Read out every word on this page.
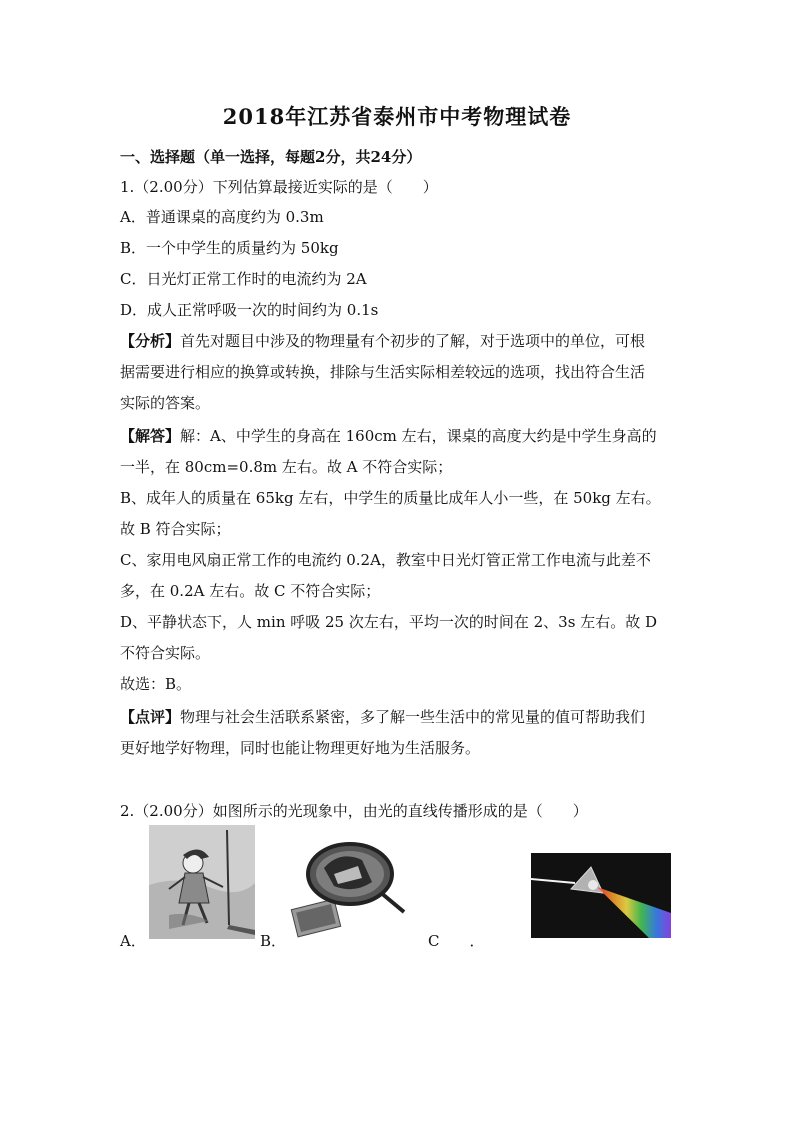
2018年江苏省泰州市中考物理试卷
一、选择题（单一选择，每题2分，共24分）
1.（2.00分）下列估算最接近实际的是（　　）
A．普通课桌的高度约为 0.3m
B．一个中学生的质量约为 50kg
C．日光灯正常工作时的电流约为 2A
D．成人正常呼吸一次的时间约为 0.1s
【分析】首先对题目中涉及的物理量有个初步的了解，对于选项中的单位，可根
据需要进行相应的换算或转换，排除与生活实际相差较远的选项，找出符合生活
实际的答案。
【解答】解：A、中学生的身高在 160cm 左右，课桌的高度大约是中学生身高的
一半，在 80cm=0.8m 左右。故 A 不符合实际；
B、成年人的质量在 65kg 左右，中学生的质量比成年人小一些，在 50kg 左右。
故 B 符合实际；
C、家用电风扇正常工作的电流约 0.2A，教室中日光灯管正常工作电流与此差不
多，在 0.2A 左右。故 C 不符合实际；
D、平静状态下，人 min 呼吸 25 次左右，平均一次的时间在 2、3s 左右。故 D
不符合实际。
故选：B。
【点评】物理与社会生活联系紧密，多了解一些生活中的常见量的值可帮助我们
更好地学好物理，同时也能让物理更好地为生活服务。
2.（2.00分）如图所示的光现象中，由光的直线传播形成的是（　　）
A．	B．	C　　．
